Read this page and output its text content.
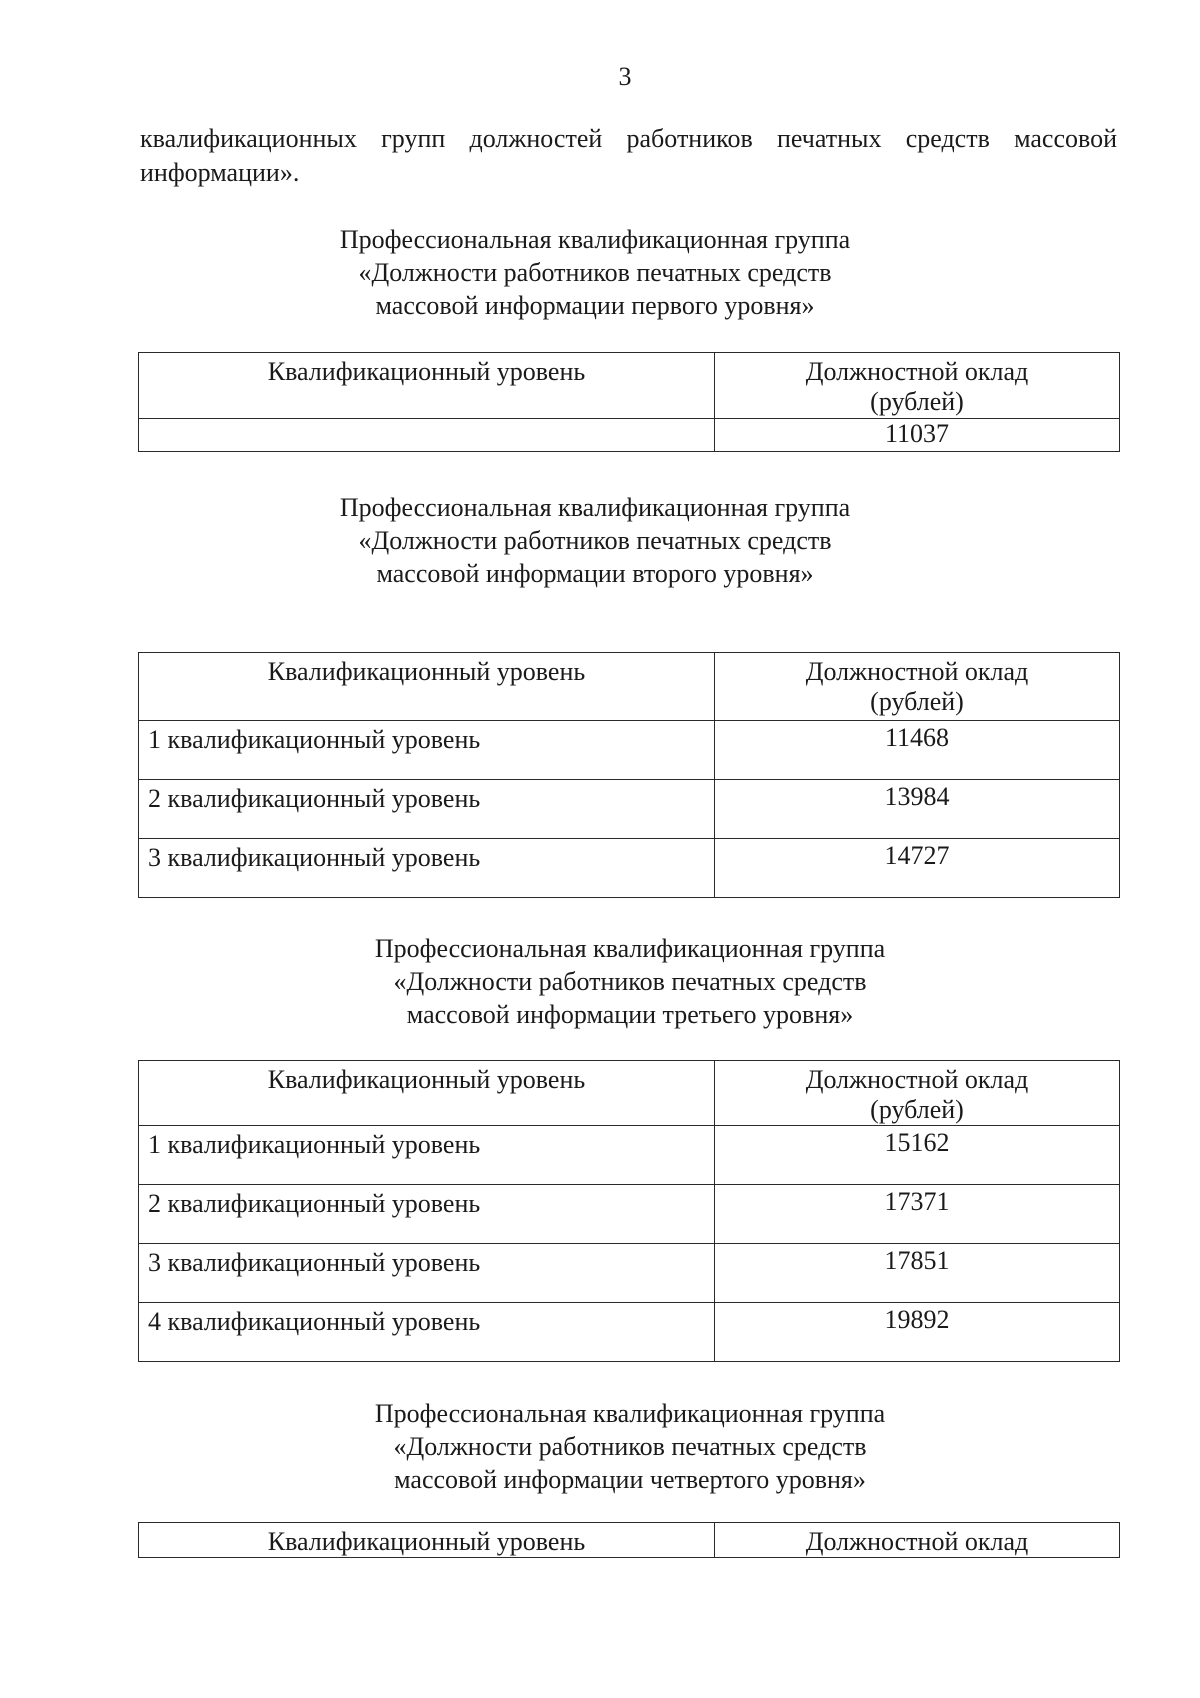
3
квалификационных групп должностей работников печатных средств массовой
информации».
Профессиональная квалификационная группа
«Должности работников печатных средств
массовой информации первого уровня»
Квалификационный уровень	Должностной оклад
(рублей)
	11037
Профессиональная квалификационная группа
«Должности работников печатных средств
массовой информации второго уровня»
Квалификационный уровень	Должностной оклад
(рублей)
1 квалификационный уровень	11468
2 квалификационный уровень	13984
3 квалификационный уровень	14727
Профессиональная квалификационная группа
«Должности работников печатных средств
массовой информации третьего уровня»
Квалификационный уровень	Должностной оклад
(рублей)
1 квалификационный уровень	15162
2 квалификационный уровень	17371
3 квалификационный уровень	17851
4 квалификационный уровень	19892
Профессиональная квалификационная группа
«Должности работников печатных средств
массовой информации четвертого уровня»
Квалификационный уровень	Должностной оклад
